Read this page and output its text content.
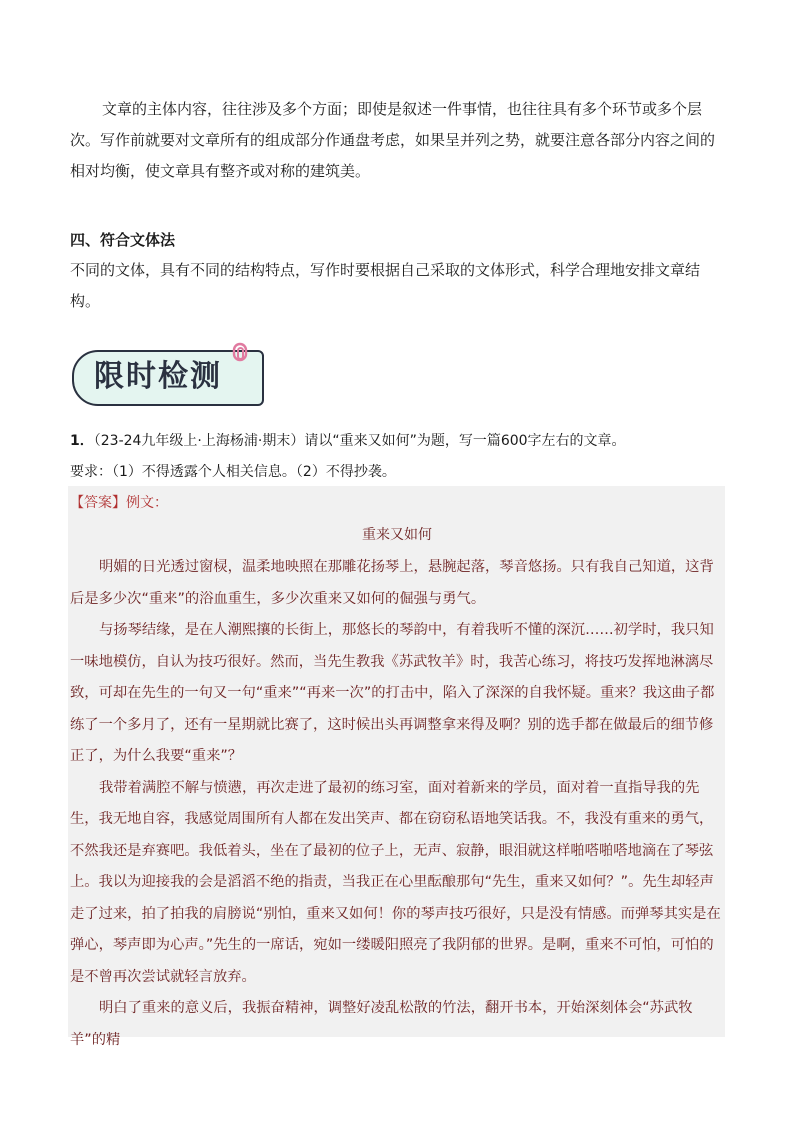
文章的主体内容，往往涉及多个方面；即使是叙述一件事情，也往往具有多个环节或多个层次。写作前就要对文章所有的组成部分作通盘考虑，如果呈并列之势，就要注意各部分内容之间的相对均衡，使文章具有整齐或对称的建筑美。

四、符合文体法

不同的文体，具有不同的结构特点，写作时要根据自己采取的文体形式，科学合理地安排文章结构。

限时检测

1．（23-24九年级上·上海杨浦·期末）请以“重来又如何”为题，写一篇600字左右的文章。

要求：（1）不得透露个人相关信息。（2）不得抄袭。

【答案】例文：
重来又如何

明媚的日光透过窗棂，温柔地映照在那雕花扬琴上，悬腕起落，琴音悠扬。只有我自己知道，这背后是多少次“重来”的浴血重生，多少次重来又如何的倔强与勇气。

与扬琴结缘，是在人潮熙攘的长街上，那悠长的琴韵中，有着我听不懂的深沉……初学时，我只知一味地模仿，自认为技巧很好。然而，当先生教我《苏武牧羊》时，我苦心练习，将技巧发挥地淋漓尽致，可却在先生的一句又一句“重来”“再来一次”的打击中，陷入了深深的自我怀疑。重来？我这曲子都练了一个多月了，还有一星期就比赛了，这时候出头再调整拿来得及啊？别的选手都在做最后的细节修正了，为什么我要“重来”？

我带着满腔不解与愤懑，再次走进了最初的练习室，面对着新来的学员，面对着一直指导我的先生，我无地自容，我感觉周围所有人都在发出笑声、都在窃窃私语地笑话我。不，我没有重来的勇气，不然我还是弃赛吧。我低着头，坐在了最初的位子上，无声、寂静，眼泪就这样啪嗒啪嗒地滴在了琴弦上。我以为迎接我的会是滔滔不绝的指责，当我正在心里酝酿那句“先生，重来又如何？”。先生却轻声走了过来，拍了拍我的肩膀说“别怕，重来又如何！你的琴声技巧很好，只是没有情感。而弹琴其实是在弹心，琴声即为心声。”先生的一席话，宛如一缕暖阳照亮了我阴郁的世界。是啊，重来不可怕，可怕的是不曾再次尝试就轻言放弃。

明白了重来的意义后，我振奋精神，调整好凌乱松散的竹法，翻开书本，开始深刻体会“苏武牧羊”的精
